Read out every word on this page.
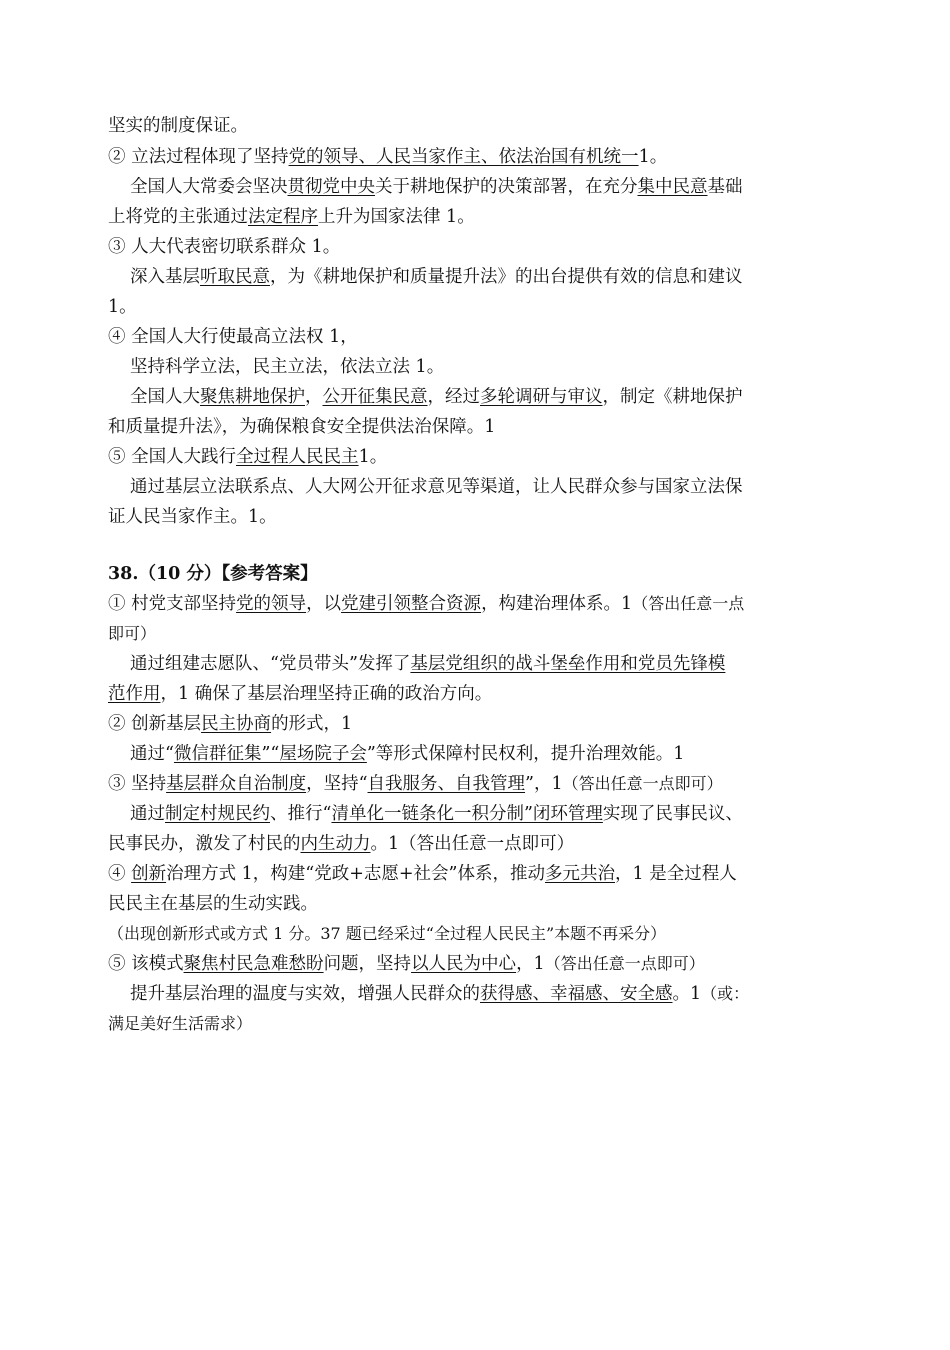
坚实的制度保证。
② 立法过程体现了坚持党的领导、人民当家作主、依法治国有机统一1。
全国人大常委会坚决贯彻党中央关于耕地保护的决策部署，在充分集中民意基础
上将党的主张通过法定程序上升为国家法律 1。
③ 人大代表密切联系群众 1。
深入基层听取民意，为《耕地保护和质量提升法》的出台提供有效的信息和建议
1。
④ 全国人大行使最高立法权 1，
坚持科学立法，民主立法，依法立法 1。
全国人大聚焦耕地保护，公开征集民意，经过多轮调研与审议，制定《耕地保护
和质量提升法》，为确保粮食安全提供法治保障。1
⑤ 全国人大践行全过程人民民主1。
通过基层立法联系点、人大网公开征求意见等渠道，让人民群众参与国家立法保
证人民当家作主。1。
38.（10 分）【参考答案】
① 村党支部坚持党的领导，以党建引领整合资源，构建治理体系。1（答出任意一点
即可）
通过组建志愿队、“党员带头”发挥了基层党组织的战斗堡垒作用和党员先锋模
范作用，1 确保了基层治理坚持正确的政治方向。
② 创新基层民主协商的形式，1
通过“微信群征集”“屋场院子会”等形式保障村民权利，提升治理效能。1
③ 坚持基层群众自治制度，坚持“自我服务、自我管理”，1（答出任意一点即可）
通过制定村规民约、推行“清单化一链条化一积分制”闭环管理实现了民事民议、
民事民办，激发了村民的内生动力。1（答出任意一点即可）
④ 创新治理方式 1，构建“党政+志愿+社会”体系，推动多元共治，1 是全过程人
民民主在基层的生动实践。
（出现创新形式或方式 1 分。37 题已经采过“全过程人民民主”本题不再采分）
⑤ 该模式聚焦村民急难愁盼问题，坚持以人民为中心，1（答出任意一点即可）
提升基层治理的温度与实效，增强人民群众的获得感、幸福感、安全感。1（或：
满足美好生活需求）
